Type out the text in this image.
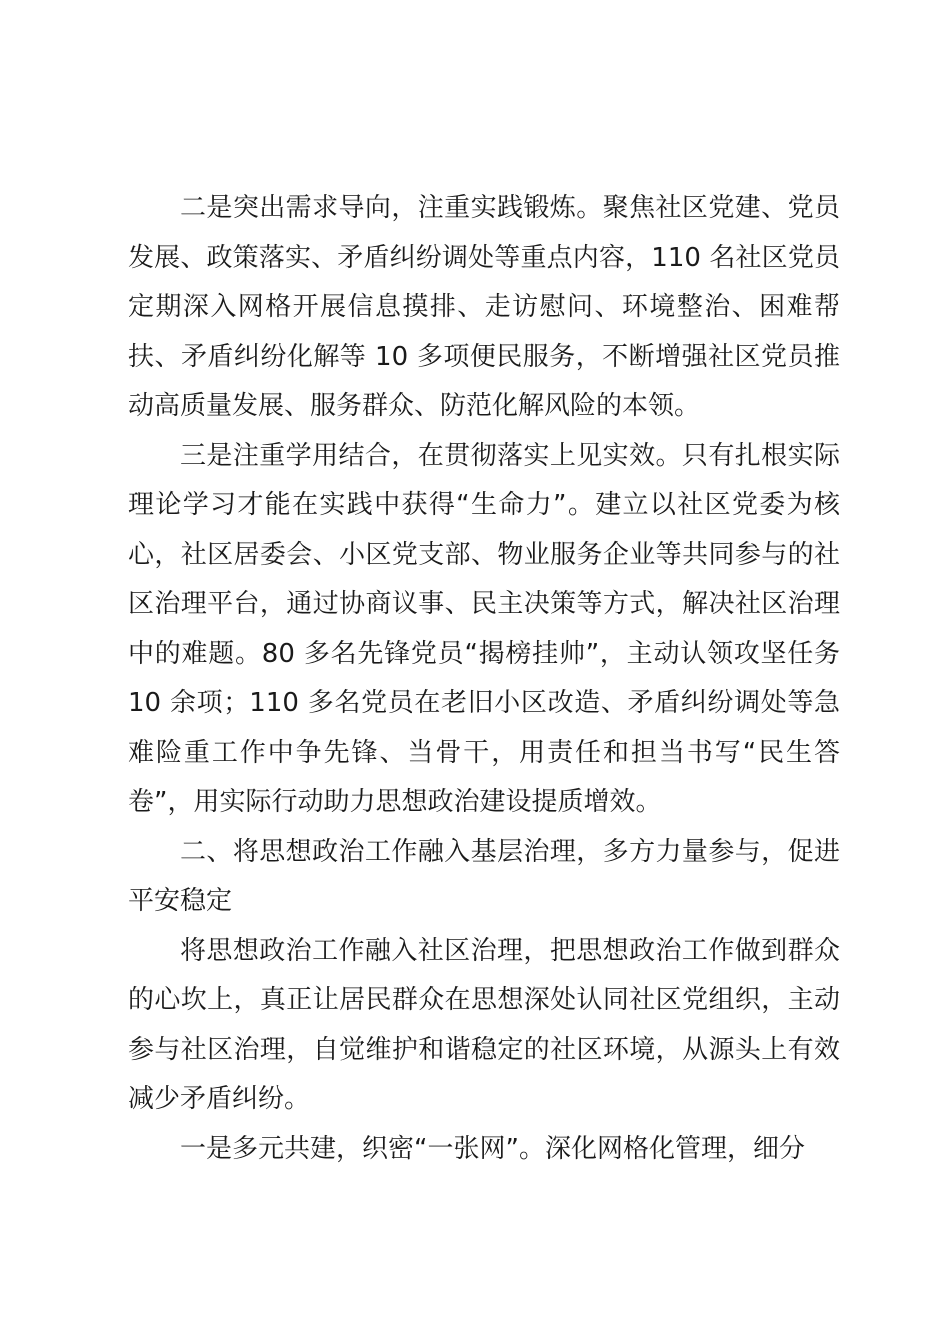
二是突出需求导向，注重实践锻炼。聚焦社区党建、党员发展、政策落实、矛盾纠纷调处等重点内容，110 名社区党员定期深入网格开展信息摸排、走访慰问、环境整治、困难帮扶、矛盾纠纷化解等 10 多项便民服务，不断增强社区党员推动高质量发展、服务群众、防范化解风险的本领。

三是注重学用结合，在贯彻落实上见实效。只有扎根实际理论学习才能在实践中获得“生命力”。建立以社区党委为核心，社区居委会、小区党支部、物业服务企业等共同参与的社区治理平台，通过协商议事、民主决策等方式，解决社区治理中的难题。80 多名先锋党员“揭榜挂帅”，主动认领攻坚任务 10 余项；110 多名党员在老旧小区改造、矛盾纠纷调处等急难险重工作中争先锋、当骨干，用责任和担当书写“民生答卷”，用实际行动助力思想政治建设提质增效。

二、将思想政治工作融入基层治理，多方力量参与，促进平安稳定

将思想政治工作融入社区治理，把思想政治工作做到群众的心坎上，真正让居民群众在思想深处认同社区党组织，主动参与社区治理，自觉维护和谐稳定的社区环境，从源头上有效减少矛盾纠纷。

一是多元共建，织密“一张网”。深化网格化管理，细分
